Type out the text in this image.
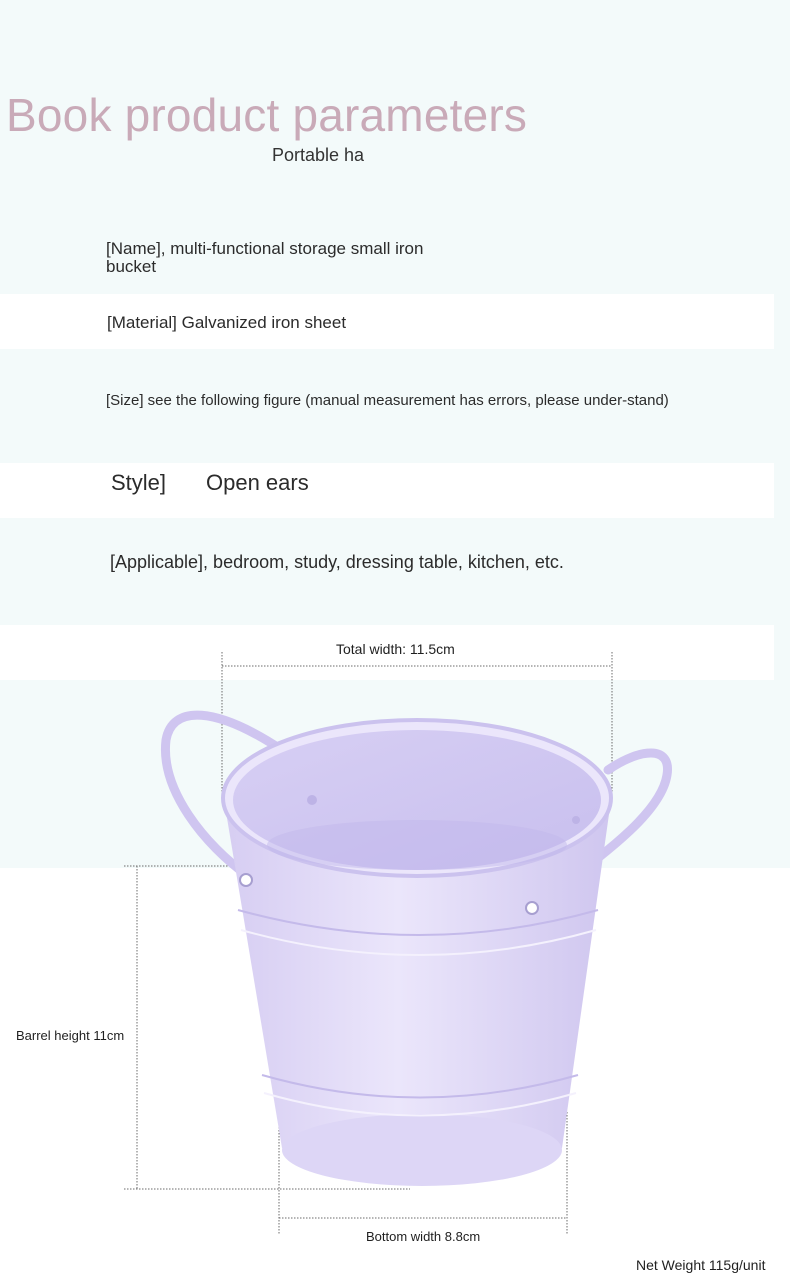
Book product parameters
Portable ha
[Name], multi-functional storage small iron bucket
[Material] Galvanized iron sheet
[Size] see the following figure (manual measurement has errors, please under-stand)
Style] Open ears
[Applicable], bedroom, study, dressing table, kitchen, etc.
Total width: 11.5cm
Barrel height 11cm
Bottom width 8.8cm
Net Weight 115g/unit
